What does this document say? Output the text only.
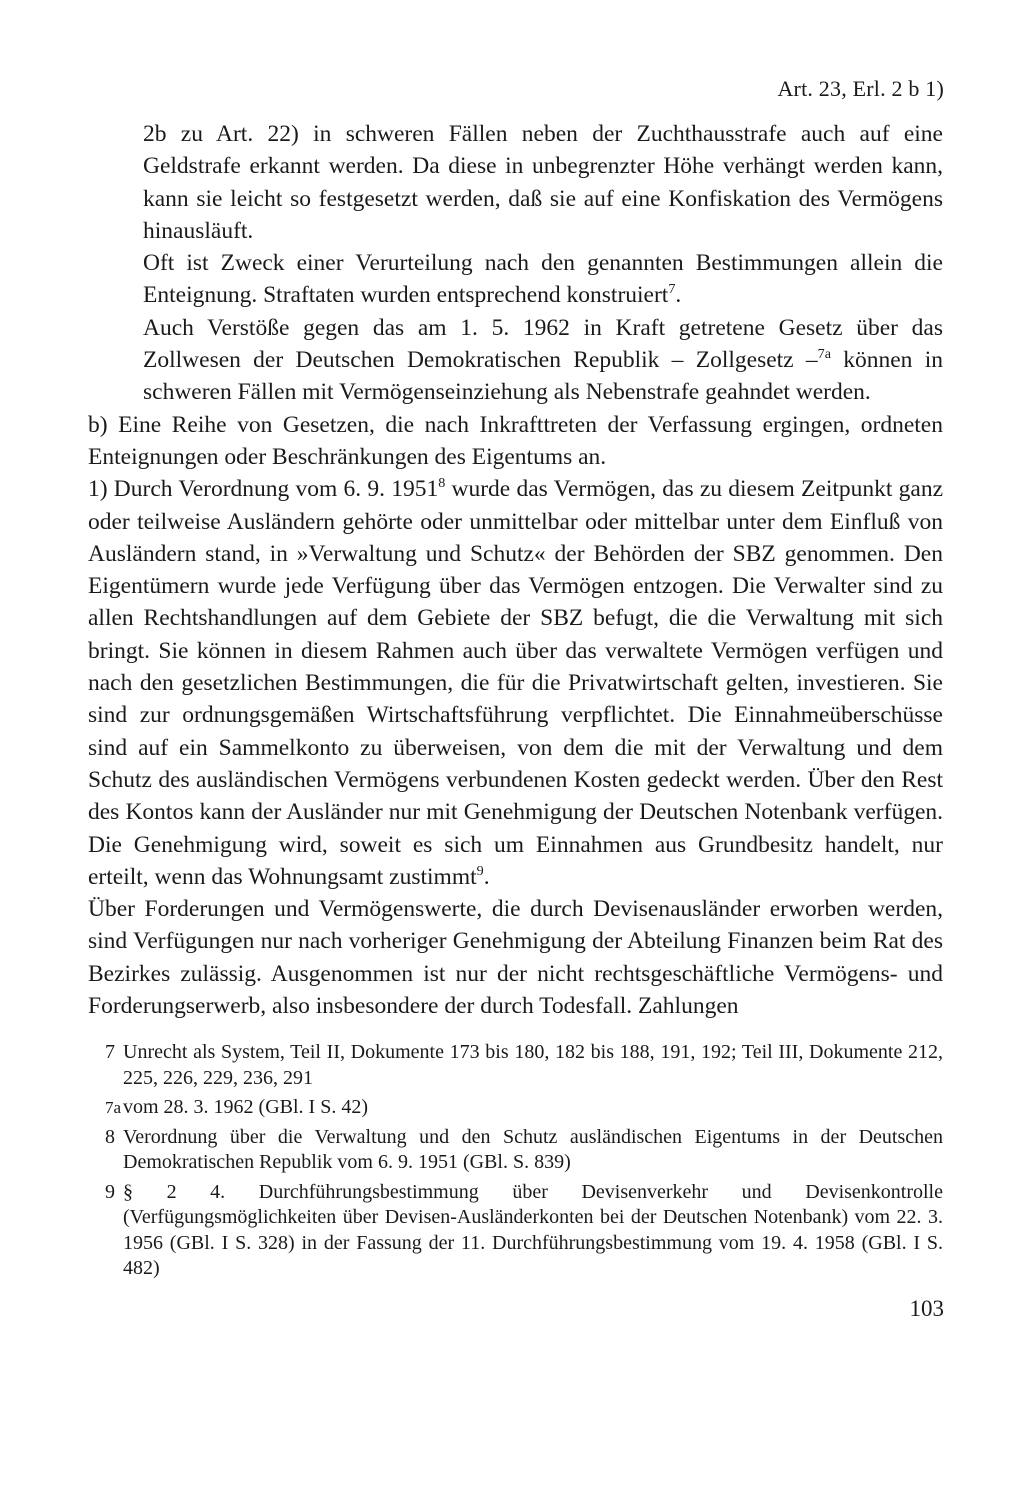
Art. 23, Erl. 2 b 1)

2b zu Art. 22) in schweren Fällen neben der Zuchthausstrafe auch auf eine Geldstrafe erkannt werden. Da diese in unbegrenzter Höhe verhängt werden kann, kann sie leicht so festgesetzt werden, daß sie auf eine Konfiskation des Vermögens hinausläuft.

Oft ist Zweck einer Verurteilung nach den genannten Bestimmungen allein die Enteignung. Straftaten wurden entsprechend konstruiert$^7$.

Auch Verstöße gegen das am 1. 5. 1962 in Kraft getretene Gesetz über das Zollwesen der Deutschen Demokratischen Republik – Zollgesetz –$^{7a}$ können in schweren Fällen mit Vermögenseinziehung als Nebenstrafe geahndet werden.

b) Eine Reihe von Gesetzen, die nach Inkrafttreten der Verfassung ergingen, ordneten Enteignungen oder Beschränkungen des Eigentums an.

1) Durch Verordnung vom 6. 9. 1951$^8$ wurde das Vermögen, das zu diesem Zeitpunkt ganz oder teilweise Ausländern gehörte oder unmittelbar oder mittelbar unter dem Einfluß von Ausländern stand, in »Verwaltung und Schutz« der Behörden der SBZ genommen. Den Eigentümern wurde jede Verfügung über das Vermögen entzogen. Die Verwalter sind zu allen Rechtshandlungen auf dem Gebiete der SBZ befugt, die die Verwaltung mit sich bringt. Sie können in diesem Rahmen auch über das verwaltete Vermögen verfügen und nach den gesetzlichen Bestimmungen, die für die Privatwirtschaft gelten, investieren. Sie sind zur ordnungsgemäßen Wirtschaftsführung verpflichtet. Die Einnahmeüberschüsse sind auf ein Sammelkonto zu überweisen, von dem die mit der Verwaltung und dem Schutz des ausländischen Vermögens verbundenen Kosten gedeckt werden. Über den Rest des Kontos kann der Ausländer nur mit Genehmigung der Deutschen Notenbank verfügen. Die Genehmigung wird, soweit es sich um Einnahmen aus Grundbesitz handelt, nur erteilt, wenn das Wohnungsamt zustimmt$^9$.

Über Forderungen und Vermögenswerte, die durch Devisenausländer erworben werden, sind Verfügungen nur nach vorheriger Genehmigung der Abteilung Finanzen beim Rat des Bezirkes zulässig. Ausgenommen ist nur der nicht rechtsgeschäftliche Vermögens- und Forderungserwerb, also insbesondere der durch Todesfall. Zahlungen

7 Unrecht als System, Teil II, Dokumente 173 bis 180, 182 bis 188, 191, 192; Teil III, Dokumente 212, 225, 226, 229, 236, 291
7a vom 28. 3. 1962 (GBl. I S. 42)
8 Verordnung über die Verwaltung und den Schutz ausländischen Eigentums in der Deutschen Demokratischen Republik vom 6. 9. 1951 (GBl. S. 839)
9 § 2 4. Durchführungsbestimmung über Devisenverkehr und Devisenkontrolle (Verfügungsmöglichkeiten über Devisen-Ausländerkonten bei der Deutschen Notenbank) vom 22. 3. 1956 (GBl. I S. 328) in der Fassung der 11. Durchführungsbestimmung vom 19. 4. 1958 (GBl. I S. 482)
103
